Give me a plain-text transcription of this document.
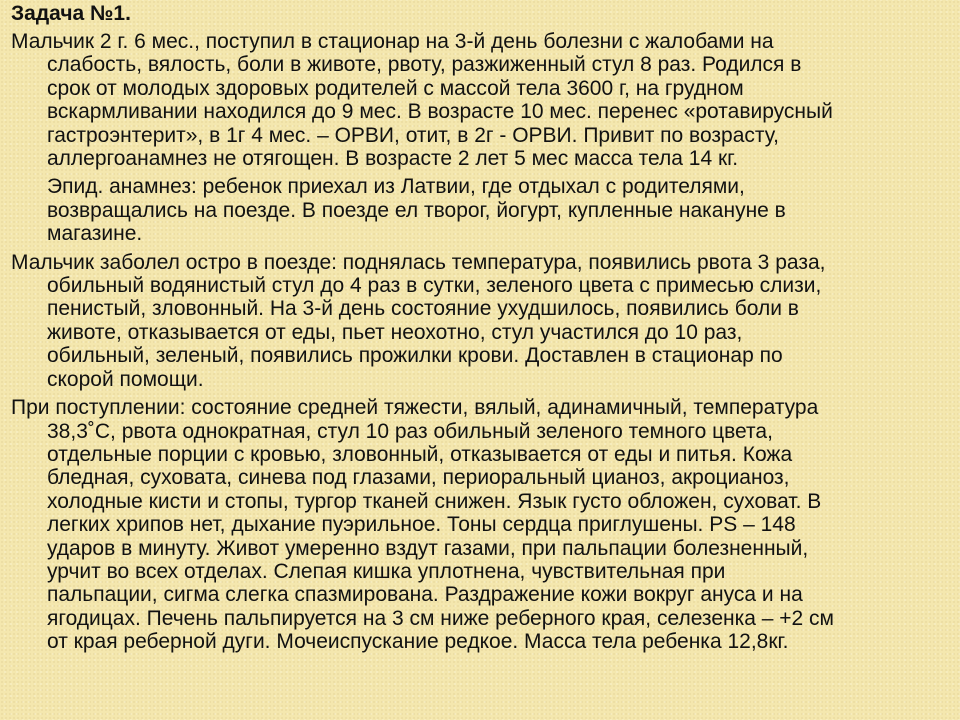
Задача №1.
Мальчик 2 г. 6 мес., поступил в стационар на 3-й день болезни с жалобами на
слабость, вялость, боли в животе, рвоту, разжиженный стул 8 раз. Родился в
срок от молодых здоровых родителей с массой тела 3600 г, на грудном
вскармливании находился до 9 мес. В возрасте 10 мес. перенес «ротавирусный
гастроэнтерит», в 1г 4 мес. – ОРВИ, отит, в 2г - ОРВИ. Привит по возрасту,
аллергоанамнез не отягощен. В возрасте 2 лет 5 мес масса тела 14 кг.
Эпид. анамнез: ребенок приехал из Латвии, где отдыхал с родителями,
возвращались на поезде. В поезде ел творог, йогурт, купленные накануне в
магазине.
Мальчик заболел остро в поезде: поднялась температура, появились рвота 3 раза,
обильный водянистый стул до 4 раз в сутки, зеленого цвета с примесью слизи,
пенистый, зловонный. На 3-й день состояние ухудшилось, появились боли в
животе, отказывается от еды, пьет неохотно, стул участился до 10 раз,
обильный, зеленый, появились прожилки крови. Доставлен в стационар по
скорой помощи.
При поступлении: состояние средней тяжести, вялый, адинамичный, температура
38,3˚С, рвота однократная, стул 10 раз обильный зеленого темного цвета,
отдельные порции с кровью, зловонный, отказывается от еды и питья. Кожа
бледная, суховата, синева под глазами, периоральный цианоз, акроцианоз,
холодные кисти и стопы, тургор тканей снижен. Язык густо обложен, суховат. В
легких хрипов нет, дыхание пуэрильное. Тоны сердца приглушены. PS – 148
ударов в минуту. Живот умеренно вздут газами, при пальпации болезненный,
урчит во всех отделах. Слепая кишка уплотнена, чувствительная при
пальпации, сигма слегка спазмирована. Раздражение кожи вокруг ануса и на
ягодицах. Печень пальпируется на 3 см ниже реберного края, селезенка – +2 см
от края реберной дуги. Мочеиспускание редкое. Масса тела ребенка 12,8кг.
